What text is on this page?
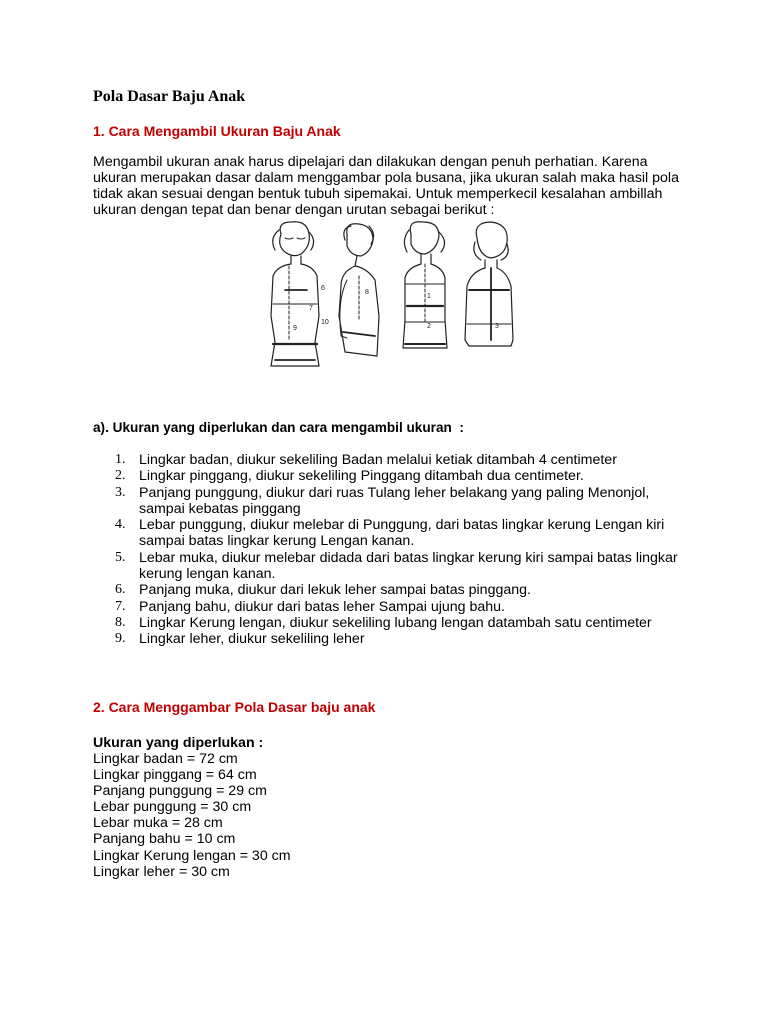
Pola Dasar Baju Anak
1. Cara Mengambil Ukuran Baju Anak

Mengambil ukuran anak harus dipelajari dan dilakukan dengan penuh perhatian. Karena ukuran merupakan dasar dalam menggambar pola busana, jika ukuran salah maka hasil pola tidak akan sesuai dengan bentuk tubuh sipemakai. Untuk memperkecil kesalahan ambillah ukuran dengan tepat dan benar dengan urutan sebagai berikut :

6
9
7
8
10
1
2	3

a). Ukuran yang diperlukan dan cara mengambil ukuran  :

1. Lingkar badan, diukur sekeliling Badan melalui ketiak ditambah 4 centimeter
2. Lingkar pinggang, diukur sekeliling Pinggang ditambah dua centimeter.
3. Panjang punggung, diukur dari ruas Tulang leher belakang yang paling Menonjol, sampai kebatas pinggang
4. Lebar punggung, diukur melebar di Punggung, dari batas lingkar kerung Lengan kiri sampai batas lingkar kerung Lengan kanan.
5. Lebar muka, diukur melebar didada dari batas lingkar kerung kiri sampai batas lingkar kerung lengan kanan.
6. Panjang muka, diukur dari lekuk leher sampai batas pinggang.
7. Panjang bahu, diukur dari batas leher Sampai ujung bahu.
8. Lingkar Kerung lengan, diukur sekeliling lubang lengan datambah satu centimeter
9. Lingkar leher, diukur sekeliling leher
2. Cara Menggambar Pola Dasar baju anak

Ukuran yang diperlukan :

Lingkar badan = 72 cm
Lingkar pinggang = 64 cm
Panjang punggung = 29 cm
Lebar punggung = 30 cm
Lebar muka = 28 cm
Panjang bahu = 10 cm
Lingkar Kerung lengan = 30 cm
Lingkar leher = 30 cm
